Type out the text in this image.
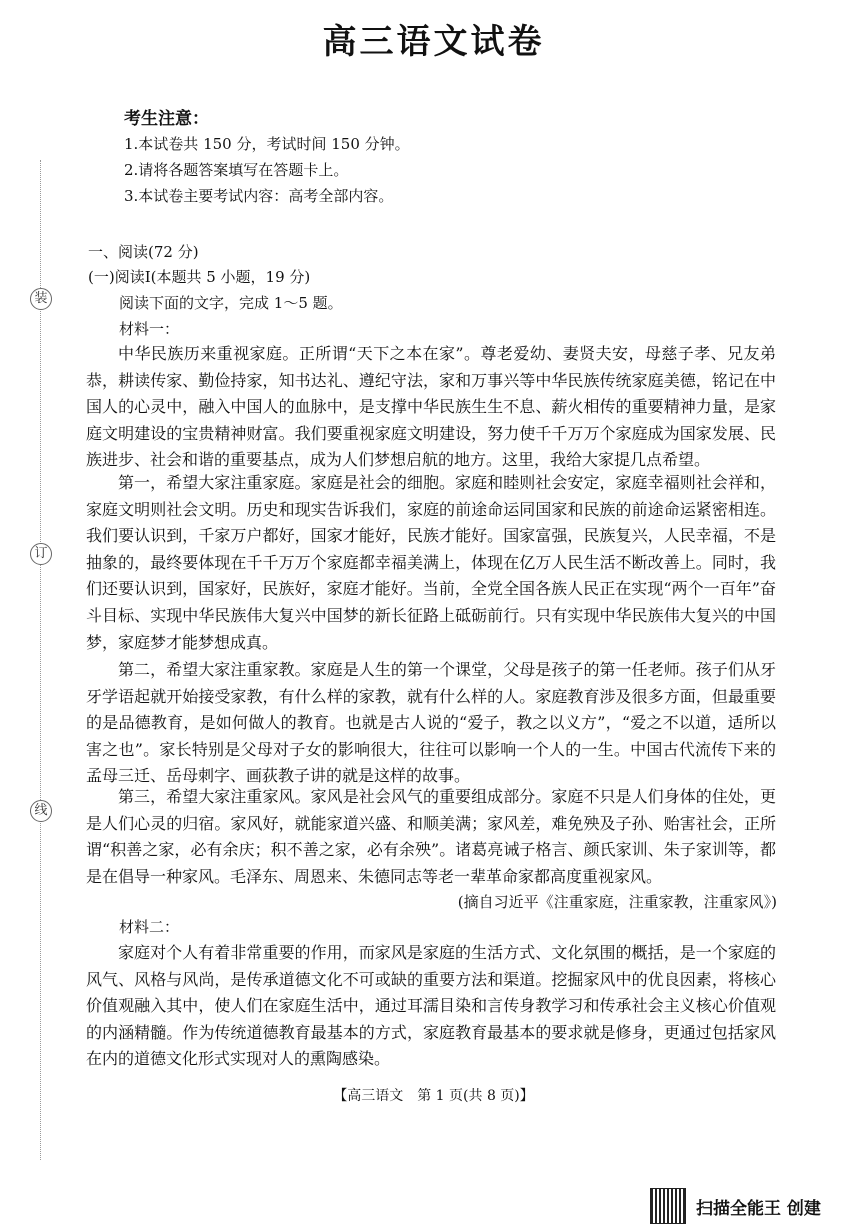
高三语文试卷
装
订
线
考生注意：
1.本试卷共 150 分，考试时间 150 分钟。
2.请将各题答案填写在答题卡上。
3.本试卷主要考试内容：高考全部内容。
一、阅读(72 分)
(一)阅读Ⅰ(本题共 5 小题，19 分)
阅读下面的文字，完成 1～5 题。
材料一：
中华民族历来重视家庭。正所谓“天下之本在家”。尊老爱幼、妻贤夫安，母慈子孝、兄友弟恭，耕读传家、勤俭持家，知书达礼、遵纪守法，家和万事兴等中华民族传统家庭美德，铭记在中国人的心灵中，融入中国人的血脉中，是支撑中华民族生生不息、薪火相传的重要精神力量，是家庭文明建设的宝贵精神财富。我们要重视家庭文明建设，努力使千千万万个家庭成为国家发展、民族进步、社会和谐的重要基点，成为人们梦想启航的地方。这里，我给大家提几点希望。
第一，希望大家注重家庭。家庭是社会的细胞。家庭和睦则社会安定，家庭幸福则社会祥和，家庭文明则社会文明。历史和现实告诉我们，家庭的前途命运同国家和民族的前途命运紧密相连。我们要认识到，千家万户都好，国家才能好，民族才能好。国家富强，民族复兴，人民幸福，不是抽象的，最终要体现在千千万万个家庭都幸福美满上，体现在亿万人民生活不断改善上。同时，我们还要认识到，国家好，民族好，家庭才能好。当前，全党全国各族人民正在实现“两个一百年”奋斗目标、实现中华民族伟大复兴中国梦的新长征路上砥砺前行。只有实现中华民族伟大复兴的中国梦，家庭梦才能梦想成真。
第二，希望大家注重家教。家庭是人生的第一个课堂，父母是孩子的第一任老师。孩子们从牙牙学语起就开始接受家教，有什么样的家教，就有什么样的人。家庭教育涉及很多方面，但最重要的是品德教育，是如何做人的教育。也就是古人说的“爱子，教之以义方”，“爱之不以道，适所以害之也”。家长特别是父母对子女的影响很大，往往可以影响一个人的一生。中国古代流传下来的孟母三迁、岳母刺字、画荻教子讲的就是这样的故事。
第三，希望大家注重家风。家风是社会风气的重要组成部分。家庭不只是人们身体的住处，更是人们心灵的归宿。家风好，就能家道兴盛、和顺美满；家风差，难免殃及子孙、贻害社会，正所谓“积善之家，必有余庆；积不善之家，必有余殃”。诸葛亮诫子格言、颜氏家训、朱子家训等，都是在倡导一种家风。毛泽东、周恩来、朱德同志等老一辈革命家都高度重视家风。
(摘自习近平《注重家庭，注重家教，注重家风》)
材料二：
家庭对个人有着非常重要的作用，而家风是家庭的生活方式、文化氛围的概括，是一个家庭的风气、风格与风尚，是传承道德文化不可或缺的重要方法和渠道。挖掘家风中的优良因素，将核心价值观融入其中，使人们在家庭生活中，通过耳濡目染和言传身教学习和传承社会主义核心价值观的内涵精髓。作为传统道德教育最基本的方式，家庭教育最基本的要求就是修身，更通过包括家风在内的道德文化形式实现对人的熏陶感染。
【高三语文　第 1 页(共 8 页)】
扫描全能王 创建
